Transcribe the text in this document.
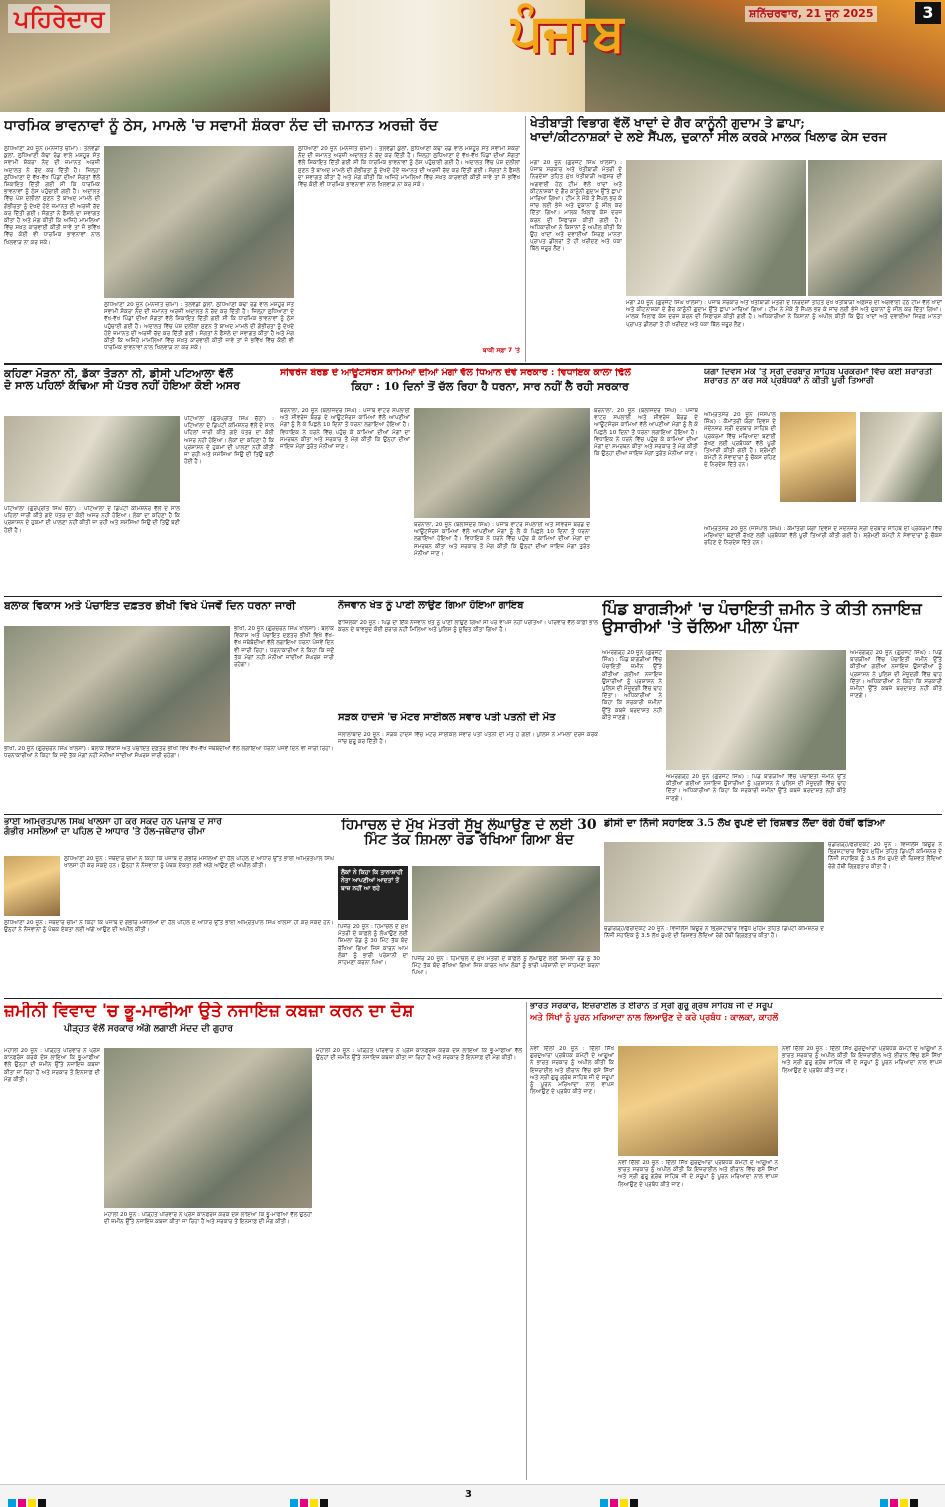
ਪਹਿਰੇਦਾਰ	ਪੰਜਾਬ	ਸ਼ਨਿੱਚਰਵਾਰ, 21 ਜੂਨ 2025	3
ਧਾਰਮਿਕ ਭਾਵਨਾਵਾਂ ਨੂੰ ਠੇਸ, ਮਾਮਲੇ 'ਚ ਸਵਾਮੀ ਸ਼ੰਕਰਾ ਨੰਦ ਦੀ ਜ਼ਮਾਨਤ ਅਰਜ਼ੀ ਰੱਦ
ਲੁਧਿਆਣਾ 20 ਜੂਨ (ਮਨਜੀਤ ਚੀਮਾ) : ਤਲਵੰਡੀ ਕੁਲਾਂ, ਲੁਧਿਆਣੀ ਕੰਢਾ ਰੋਡ ਵਾਲੇ ਮਸ਼ਹੂਰ ਸੰਤ ਸਵਾਮੀ ਸ਼ੰਕਰਾ ਨੰਦ ਦੀ ਜ਼ਮਾਨਤ ਅਰਜ਼ੀ ਅਦਾਲਤ ਨੇ ਰੱਦ ਕਰ ਦਿੱਤੀ ਹੈ। ਜ਼ਿਲ੍ਹਾ ਲੁਧਿਆਣਾ ਦੇ ਵੱਖ-ਵੱਖ ਪਿੰਡਾਂ ਦੀਆਂ ਸੰਗਤਾਂ ਵੱਲੋਂ ਸ਼ਿਕਾਇਤ ਦਿੱਤੀ ਗਈ ਸੀ ਕਿ ਧਾਰਮਿਕ ਭਾਵਨਾਵਾਂ ਨੂੰ ਠੇਸ ਪਹੁੰਚਾਈ ਗਈ ਹੈ। ਅਦਾਲਤ ਵਿੱਚ ਪੇਸ਼ ਦਲੀਲਾਂ ਸੁਣਨ ਤੋਂ ਬਾਅਦ ਮਾਮਲੇ ਦੀ ਗੰਭੀਰਤਾ ਨੂੰ ਦੇਖਦੇ ਹੋਏ ਜ਼ਮਾਨਤ ਦੀ ਅਰਜ਼ੀ ਰੱਦ ਕਰ ਦਿੱਤੀ ਗਈ। ਸੰਗਤਾਂ ਨੇ ਫੈਸਲੇ ਦਾ ਸਵਾਗਤ ਕੀਤਾ ਹੈ ਅਤੇ ਮੰਗ ਕੀਤੀ ਕਿ ਅਜਿਹੇ ਮਾਮਲਿਆਂ ਵਿੱਚ ਸਖ਼ਤ ਕਾਰਵਾਈ ਕੀਤੀ ਜਾਵੇ ਤਾਂ ਜੋ ਭਵਿੱਖ ਵਿੱਚ ਕੋਈ ਵੀ ਧਾਰਮਿਕ ਭਾਵਨਾਵਾਂ ਨਾਲ ਖਿਲਵਾੜ ਨਾ ਕਰ ਸਕੇ।
ਲੁਧਿਆਣਾ 20 ਜੂਨ (ਮਨਜੀਤ ਚੀਮਾ) : ਤਲਵੰਡੀ ਕੁਲਾਂ, ਲੁਧਿਆਣੀ ਕੰਢਾ ਰੋਡ ਵਾਲੇ ਮਸ਼ਹੂਰ ਸੰਤ ਸਵਾਮੀ ਸ਼ੰਕਰਾ ਨੰਦ ਦੀ ਜ਼ਮਾਨਤ ਅਰਜ਼ੀ ਅਦਾਲਤ ਨੇ ਰੱਦ ਕਰ ਦਿੱਤੀ ਹੈ। ਜ਼ਿਲ੍ਹਾ ਲੁਧਿਆਣਾ ਦੇ ਵੱਖ-ਵੱਖ ਪਿੰਡਾਂ ਦੀਆਂ ਸੰਗਤਾਂ ਵੱਲੋਂ ਸ਼ਿਕਾਇਤ ਦਿੱਤੀ ਗਈ ਸੀ ਕਿ ਧਾਰਮਿਕ ਭਾਵਨਾਵਾਂ ਨੂੰ ਠੇਸ ਪਹੁੰਚਾਈ ਗਈ ਹੈ। ਅਦਾਲਤ ਵਿੱਚ ਪੇਸ਼ ਦਲੀਲਾਂ ਸੁਣਨ ਤੋਂ ਬਾਅਦ ਮਾਮਲੇ ਦੀ ਗੰਭੀਰਤਾ ਨੂੰ ਦੇਖਦੇ ਹੋਏ ਜ਼ਮਾਨਤ ਦੀ ਅਰਜ਼ੀ ਰੱਦ ਕਰ ਦਿੱਤੀ ਗਈ। ਸੰਗਤਾਂ ਨੇ ਫੈਸਲੇ ਦਾ ਸਵਾਗਤ ਕੀਤਾ ਹੈ ਅਤੇ ਮੰਗ ਕੀਤੀ ਕਿ ਅਜਿਹੇ ਮਾਮਲਿਆਂ ਵਿੱਚ ਸਖ਼ਤ ਕਾਰਵਾਈ ਕੀਤੀ ਜਾਵੇ ਤਾਂ ਜੋ ਭਵਿੱਖ ਵਿੱਚ ਕੋਈ ਵੀ ਧਾਰਮਿਕ ਭਾਵਨਾਵਾਂ ਨਾਲ ਖਿਲਵਾੜ ਨਾ ਕਰ ਸਕੇ।
ਲੁਧਿਆਣਾ 20 ਜੂਨ (ਮਨਜੀਤ ਚੀਮਾ) : ਤਲਵੰਡੀ ਕੁਲਾਂ, ਲੁਧਿਆਣੀ ਕੰਢਾ ਰੋਡ ਵਾਲੇ ਮਸ਼ਹੂਰ ਸੰਤ ਸਵਾਮੀ ਸ਼ੰਕਰਾ ਨੰਦ ਦੀ ਜ਼ਮਾਨਤ ਅਰਜ਼ੀ ਅਦਾਲਤ ਨੇ ਰੱਦ ਕਰ ਦਿੱਤੀ ਹੈ। ਜ਼ਿਲ੍ਹਾ ਲੁਧਿਆਣਾ ਦੇ ਵੱਖ-ਵੱਖ ਪਿੰਡਾਂ ਦੀਆਂ ਸੰਗਤਾਂ ਵੱਲੋਂ ਸ਼ਿਕਾਇਤ ਦਿੱਤੀ ਗਈ ਸੀ ਕਿ ਧਾਰਮਿਕ ਭਾਵਨਾਵਾਂ ਨੂੰ ਠੇਸ ਪਹੁੰਚਾਈ ਗਈ ਹੈ। ਅਦਾਲਤ ਵਿੱਚ ਪੇਸ਼ ਦਲੀਲਾਂ ਸੁਣਨ ਤੋਂ ਬਾਅਦ ਮਾਮਲੇ ਦੀ ਗੰਭੀਰਤਾ ਨੂੰ ਦੇਖਦੇ ਹੋਏ ਜ਼ਮਾਨਤ ਦੀ ਅਰਜ਼ੀ ਰੱਦ ਕਰ ਦਿੱਤੀ ਗਈ। ਸੰਗਤਾਂ ਨੇ ਫੈਸਲੇ ਦਾ ਸਵਾਗਤ ਕੀਤਾ ਹੈ ਅਤੇ ਮੰਗ ਕੀਤੀ ਕਿ ਅਜਿਹੇ ਮਾਮਲਿਆਂ ਵਿੱਚ ਸਖ਼ਤ ਕਾਰਵਾਈ ਕੀਤੀ ਜਾਵੇ ਤਾਂ ਜੋ ਭਵਿੱਖ ਵਿੱਚ ਕੋਈ ਵੀ ਧਾਰਮਿਕ ਭਾਵਨਾਵਾਂ ਨਾਲ ਖਿਲਵਾੜ ਨਾ ਕਰ ਸਕੇ।
ਬਾਕੀ ਸਫ਼ਾ 7 'ਤੇ
ਖੇਤੀਬਾੜੀ ਵਿਭਾਗ ਵੱਲੋਂ ਖਾਦਾਂ ਦੇ ਗੈਰ ਕਾਨੂੰਨੀ ਗੁਦਾਮ ਤੇ ਛਾਪਾ;
ਖਾਦਾਂ/ਕੀਟਨਾਸ਼ਕਾਂ ਦੇ ਲਏ ਸੈਂਪਲ, ਦੁਕਾਨਾਂ ਸੀਲ ਕਰਕੇ ਮਾਲਕ ਖਿਲਾਫ ਕੇਸ ਦਰਜ
ਮੋਗਾ 20 ਜੂਨ (ਗੁਰਜੰਟ ਸਿੰਘ ਖਾਲਸਾ) : ਪੰਜਾਬ ਸਰਕਾਰ ਅਤੇ ਖੇਤੀਬਾੜੀ ਮੰਤਰੀ ਦੇ ਨਿਰਦੇਸ਼ਾਂ ਤਹਿਤ ਮੁੱਖ ਖੇਤੀਬਾੜੀ ਅਫ਼ਸਰ ਦੀ ਅਗਵਾਈ ਹੇਠ ਟੀਮ ਵੱਲੋਂ ਖਾਦਾਂ ਅਤੇ ਕੀਟਨਾਸ਼ਕਾਂ ਦੇ ਗੈਰ ਕਾਨੂੰਨੀ ਗੁਦਾਮ ਉੱਤੇ ਛਾਪਾ ਮਾਰਿਆ ਗਿਆ। ਟੀਮ ਨੇ ਮੌਕੇ ਤੋਂ ਸੈਂਪਲ ਭਰ ਕੇ ਜਾਂਚ ਲਈ ਭੇਜੇ ਅਤੇ ਦੁਕਾਨਾਂ ਨੂੰ ਸੀਲ ਕਰ ਦਿੱਤਾ ਗਿਆ। ਮਾਲਕ ਖਿਲਾਫ ਕੇਸ ਦਰਜ ਕਰਨ ਦੀ ਸਿਫਾਰਸ਼ ਕੀਤੀ ਗਈ ਹੈ। ਅਧਿਕਾਰੀਆਂ ਨੇ ਕਿਸਾਨਾਂ ਨੂੰ ਅਪੀਲ ਕੀਤੀ ਕਿ ਉਹ ਖਾਦਾਂ ਅਤੇ ਦਵਾਈਆਂ ਸਿਰਫ਼ ਮਾਨਤਾ ਪ੍ਰਾਪਤ ਡੀਲਰਾਂ ਤੋਂ ਹੀ ਖਰੀਦਣ ਅਤੇ ਪੱਕਾ ਬਿੱਲ ਜ਼ਰੂਰ ਲੈਣ।
ਮੋਗਾ 20 ਜੂਨ (ਗੁਰਜੰਟ ਸਿੰਘ ਖਾਲਸਾ) : ਪੰਜਾਬ ਸਰਕਾਰ ਅਤੇ ਖੇਤੀਬਾੜੀ ਮੰਤਰੀ ਦੇ ਨਿਰਦੇਸ਼ਾਂ ਤਹਿਤ ਮੁੱਖ ਖੇਤੀਬਾੜੀ ਅਫ਼ਸਰ ਦੀ ਅਗਵਾਈ ਹੇਠ ਟੀਮ ਵੱਲੋਂ ਖਾਦਾਂ ਅਤੇ ਕੀਟਨਾਸ਼ਕਾਂ ਦੇ ਗੈਰ ਕਾਨੂੰਨੀ ਗੁਦਾਮ ਉੱਤੇ ਛਾਪਾ ਮਾਰਿਆ ਗਿਆ। ਟੀਮ ਨੇ ਮੌਕੇ ਤੋਂ ਸੈਂਪਲ ਭਰ ਕੇ ਜਾਂਚ ਲਈ ਭੇਜੇ ਅਤੇ ਦੁਕਾਨਾਂ ਨੂੰ ਸੀਲ ਕਰ ਦਿੱਤਾ ਗਿਆ। ਮਾਲਕ ਖਿਲਾਫ ਕੇਸ ਦਰਜ ਕਰਨ ਦੀ ਸਿਫਾਰਸ਼ ਕੀਤੀ ਗਈ ਹੈ। ਅਧਿਕਾਰੀਆਂ ਨੇ ਕਿਸਾਨਾਂ ਨੂੰ ਅਪੀਲ ਕੀਤੀ ਕਿ ਉਹ ਖਾਦਾਂ ਅਤੇ ਦਵਾਈਆਂ ਸਿਰਫ਼ ਮਾਨਤਾ ਪ੍ਰਾਪਤ ਡੀਲਰਾਂ ਤੋਂ ਹੀ ਖਰੀਦਣ ਅਤੇ ਪੱਕਾ ਬਿੱਲ ਜ਼ਰੂਰ ਲੈਣ।
ਕਹਿਣਾ ਮੋੜਨਾ ਨੀ, ਡੱਕਾ ਤੋੜਨਾ ਨੀ, ਡੀਸੀ ਪਟਿਆਲਾ ਵੱਲੋਂ
ਦੋ ਸਾਲ ਪਹਿਲਾਂ ਕੱਢਿਆ ਸੀ ਪੱਤਰ ਨਹੀਂ ਹੋਇਆ ਕੋਈ ਅਸਰ
ਪਟਿਆਲਾ (ਗੁਰਪ੍ਰੀਤ ਸਿੰਘ ਚੱਠਾ) : ਪਟਿਆਲਾ ਦੇ ਡਿਪਟੀ ਕਮਿਸ਼ਨਰ ਵੱਲੋਂ ਦੋ ਸਾਲ ਪਹਿਲਾਂ ਜਾਰੀ ਕੀਤੇ ਗਏ ਪੱਤਰ ਦਾ ਕੋਈ ਅਸਰ ਨਹੀਂ ਹੋਇਆ। ਲੋਕਾਂ ਦਾ ਕਹਿਣਾ ਹੈ ਕਿ ਪ੍ਰਸ਼ਾਸਨ ਦੇ ਹੁਕਮਾਂ ਦੀ ਪਾਲਣਾ ਨਹੀਂ ਕੀਤੀ ਜਾ ਰਹੀ ਅਤੇ ਸਮੱਸਿਆ ਜਿਉਂ ਦੀ ਤਿਉਂ ਬਣੀ ਹੋਈ ਹੈ।
ਪਟਿਆਲਾ (ਗੁਰਪ੍ਰੀਤ ਸਿੰਘ ਚੱਠਾ) : ਪਟਿਆਲਾ ਦੇ ਡਿਪਟੀ ਕਮਿਸ਼ਨਰ ਵੱਲੋਂ ਦੋ ਸਾਲ ਪਹਿਲਾਂ ਜਾਰੀ ਕੀਤੇ ਗਏ ਪੱਤਰ ਦਾ ਕੋਈ ਅਸਰ ਨਹੀਂ ਹੋਇਆ। ਲੋਕਾਂ ਦਾ ਕਹਿਣਾ ਹੈ ਕਿ ਪ੍ਰਸ਼ਾਸਨ ਦੇ ਹੁਕਮਾਂ ਦੀ ਪਾਲਣਾ ਨਹੀਂ ਕੀਤੀ ਜਾ ਰਹੀ ਅਤੇ ਸਮੱਸਿਆ ਜਿਉਂ ਦੀ ਤਿਉਂ ਬਣੀ ਹੋਈ ਹੈ।
ਸੀਵਰੇਜ ਬੋਰਡ ਦੇ ਆਊਟਸੋਰਸ ਕਾਮਿਆਂ ਦੀਆਂ ਮੰਗਾਂ ਵੱਲ ਧਿਆਨ ਦੇਵੇ ਸਰਕਾਰ : ਵਿਧਾਇਕ ਕਾਲਾ ਢਿੱਲੋਂ
ਕਿਹਾ : 10 ਦਿਨਾਂ ਤੋਂ ਚੱਲ ਰਿਹਾ ਹੈ ਧਰਨਾ, ਸਾਰ ਨਹੀਂ ਲੈ ਰਹੀ ਸਰਕਾਰ
ਬਰਨਾਲਾ, 20 ਜੂਨ (ਬਲਜਿੰਦਰ ਸਿੰਘ) : ਪੰਜਾਬ ਵਾਟਰ ਸਪਲਾਈ ਅਤੇ ਸੀਵਰੇਜ ਬੋਰਡ ਦੇ ਆਊਟਸੋਰਸ ਕਾਮਿਆਂ ਵੱਲੋਂ ਆਪਣੀਆਂ ਮੰਗਾਂ ਨੂੰ ਲੈ ਕੇ ਪਿਛਲੇ 10 ਦਿਨਾਂ ਤੋਂ ਧਰਨਾ ਲਗਾਇਆ ਹੋਇਆ ਹੈ। ਵਿਧਾਇਕ ਨੇ ਧਰਨੇ ਵਿੱਚ ਪਹੁੰਚ ਕੇ ਕਾਮਿਆਂ ਦੀਆਂ ਮੰਗਾਂ ਦਾ ਸਮਰਥਨ ਕੀਤਾ ਅਤੇ ਸਰਕਾਰ ਤੋਂ ਮੰਗ ਕੀਤੀ ਕਿ ਉਨ੍ਹਾਂ ਦੀਆਂ ਜਾਇਜ਼ ਮੰਗਾਂ ਤੁਰੰਤ ਮੰਨੀਆਂ ਜਾਣ।
ਬਰਨਾਲਾ, 20 ਜੂਨ (ਬਲਜਿੰਦਰ ਸਿੰਘ) : ਪੰਜਾਬ ਵਾਟਰ ਸਪਲਾਈ ਅਤੇ ਸੀਵਰੇਜ ਬੋਰਡ ਦੇ ਆਊਟਸੋਰਸ ਕਾਮਿਆਂ ਵੱਲੋਂ ਆਪਣੀਆਂ ਮੰਗਾਂ ਨੂੰ ਲੈ ਕੇ ਪਿਛਲੇ 10 ਦਿਨਾਂ ਤੋਂ ਧਰਨਾ ਲਗਾਇਆ ਹੋਇਆ ਹੈ। ਵਿਧਾਇਕ ਨੇ ਧਰਨੇ ਵਿੱਚ ਪਹੁੰਚ ਕੇ ਕਾਮਿਆਂ ਦੀਆਂ ਮੰਗਾਂ ਦਾ ਸਮਰਥਨ ਕੀਤਾ ਅਤੇ ਸਰਕਾਰ ਤੋਂ ਮੰਗ ਕੀਤੀ ਕਿ ਉਨ੍ਹਾਂ ਦੀਆਂ ਜਾਇਜ਼ ਮੰਗਾਂ ਤੁਰੰਤ ਮੰਨੀਆਂ ਜਾਣ।
ਬਰਨਾਲਾ, 20 ਜੂਨ (ਬਲਜਿੰਦਰ ਸਿੰਘ) : ਪੰਜਾਬ ਵਾਟਰ ਸਪਲਾਈ ਅਤੇ ਸੀਵਰੇਜ ਬੋਰਡ ਦੇ ਆਊਟਸੋਰਸ ਕਾਮਿਆਂ ਵੱਲੋਂ ਆਪਣੀਆਂ ਮੰਗਾਂ ਨੂੰ ਲੈ ਕੇ ਪਿਛਲੇ 10 ਦਿਨਾਂ ਤੋਂ ਧਰਨਾ ਲਗਾਇਆ ਹੋਇਆ ਹੈ। ਵਿਧਾਇਕ ਨੇ ਧਰਨੇ ਵਿੱਚ ਪਹੁੰਚ ਕੇ ਕਾਮਿਆਂ ਦੀਆਂ ਮੰਗਾਂ ਦਾ ਸਮਰਥਨ ਕੀਤਾ ਅਤੇ ਸਰਕਾਰ ਤੋਂ ਮੰਗ ਕੀਤੀ ਕਿ ਉਨ੍ਹਾਂ ਦੀਆਂ ਜਾਇਜ਼ ਮੰਗਾਂ ਤੁਰੰਤ ਮੰਨੀਆਂ ਜਾਣ।
ਯੋਗਾ ਦਿਵਸ ਮੌਕੇ 'ਤੇ ਸ੍ਰੀ ਦਰਬਾਰ ਸਾਹਿਬ ਪ੍ਰਕਰਮਾਂ ਵਿੱਚ ਕੋਈ ਸ਼ਰਾਰਤੀ ਸ਼ਰਾਰਤ ਨਾ ਕਰ ਸਕੇ ਪ੍ਰਬੰਧਕਾਂ ਨੇ ਕੀਤੀ ਪੂਰੀ ਤਿਆਰੀ
ਅੰਮ੍ਰਿਤਸਰ 20 ਜੂਨ (ਜਸਪਾਲ ਸਿੰਘ) : ਕੌਮਾਂਤਰੀ ਯੋਗਾ ਦਿਵਸ ਦੇ ਮੱਦੇਨਜ਼ਰ ਸ੍ਰੀ ਦਰਬਾਰ ਸਾਹਿਬ ਦੀ ਪ੍ਰਕਰਮਾਂ ਵਿੱਚ ਮਰਿਆਦਾ ਬਣਾਈ ਰੱਖਣ ਲਈ ਪ੍ਰਬੰਧਕਾਂ ਵੱਲੋਂ ਪੂਰੀ ਤਿਆਰੀ ਕੀਤੀ ਗਈ ਹੈ। ਸ਼੍ਰੋਮਣੀ ਕਮੇਟੀ ਨੇ ਸੇਵਾਦਾਰਾਂ ਨੂੰ ਚੌਕਸ ਰਹਿਣ ਦੇ ਨਿਰਦੇਸ਼ ਦਿੱਤੇ ਹਨ।
ਅੰਮ੍ਰਿਤਸਰ 20 ਜੂਨ (ਜਸਪਾਲ ਸਿੰਘ) : ਕੌਮਾਂਤਰੀ ਯੋਗਾ ਦਿਵਸ ਦੇ ਮੱਦੇਨਜ਼ਰ ਸ੍ਰੀ ਦਰਬਾਰ ਸਾਹਿਬ ਦੀ ਪ੍ਰਕਰਮਾਂ ਵਿੱਚ ਮਰਿਆਦਾ ਬਣਾਈ ਰੱਖਣ ਲਈ ਪ੍ਰਬੰਧਕਾਂ ਵੱਲੋਂ ਪੂਰੀ ਤਿਆਰੀ ਕੀਤੀ ਗਈ ਹੈ। ਸ਼੍ਰੋਮਣੀ ਕਮੇਟੀ ਨੇ ਸੇਵਾਦਾਰਾਂ ਨੂੰ ਚੌਕਸ ਰਹਿਣ ਦੇ ਨਿਰਦੇਸ਼ ਦਿੱਤੇ ਹਨ।
ਬਲਾਕ ਵਿਕਾਸ ਅਤੇ ਪੰਚਾਇਤ ਦਫ਼ਤਰ ਭੀਖੀ ਵਿਖੇ ਪੰਜਵੇਂ ਦਿਨ ਧਰਨਾ ਜਾਰੀ
ਭੀਖੀ, 20 ਜੂਨ (ਗੁਰਚਰਨ ਸਿੰਘ ਖਾਲਸਾ) : ਬਲਾਕ ਵਿਕਾਸ ਅਤੇ ਪੰਚਾਇਤ ਦਫ਼ਤਰ ਭੀਖੀ ਵਿਖੇ ਵੱਖ-ਵੱਖ ਜਥੇਬੰਦੀਆਂ ਵੱਲੋਂ ਲਗਾਇਆ ਧਰਨਾ ਪੰਜਵੇਂ ਦਿਨ ਵੀ ਜਾਰੀ ਰਿਹਾ। ਧਰਨਾਕਾਰੀਆਂ ਨੇ ਕਿਹਾ ਕਿ ਜਦੋਂ ਤੱਕ ਮੰਗਾਂ ਨਹੀਂ ਮੰਨੀਆਂ ਜਾਂਦੀਆਂ ਸੰਘਰਸ਼ ਜਾਰੀ ਰਹੇਗਾ।
ਭੀਖੀ, 20 ਜੂਨ (ਗੁਰਚਰਨ ਸਿੰਘ ਖਾਲਸਾ) : ਬਲਾਕ ਵਿਕਾਸ ਅਤੇ ਪੰਚਾਇਤ ਦਫ਼ਤਰ ਭੀਖੀ ਵਿਖੇ ਵੱਖ-ਵੱਖ ਜਥੇਬੰਦੀਆਂ ਵੱਲੋਂ ਲਗਾਇਆ ਧਰਨਾ ਪੰਜਵੇਂ ਦਿਨ ਵੀ ਜਾਰੀ ਰਿਹਾ। ਧਰਨਾਕਾਰੀਆਂ ਨੇ ਕਿਹਾ ਕਿ ਜਦੋਂ ਤੱਕ ਮੰਗਾਂ ਨਹੀਂ ਮੰਨੀਆਂ ਜਾਂਦੀਆਂ ਸੰਘਰਸ਼ ਜਾਰੀ ਰਹੇਗਾ।
ਨੌਜਵਾਨ ਖੇਤ ਨੂੰ ਪਾਣੀ ਲਾਉਣ ਗਿਆ ਹੋਇਆ ਗਾਇਬ
ਫਾਜ਼ਿਲਕਾ 20 ਜੂਨ : ਪਿੰਡ ਦਾ ਇੱਕ ਨੌਜਵਾਨ ਖੇਤ ਨੂੰ ਪਾਣੀ ਲਾਉਣ ਗਿਆ ਸੀ ਪਰ ਵਾਪਸ ਨਹੀਂ ਪਰਤਿਆ। ਪਰਿਵਾਰ ਵੱਲੋਂ ਕਾਫ਼ੀ ਭਾਲ ਕਰਨ ਦੇ ਬਾਵਜੂਦ ਕੋਈ ਸੁਰਾਗ ਨਹੀਂ ਮਿਲਿਆ ਅਤੇ ਪੁਲਿਸ ਨੂੰ ਸੂਚਿਤ ਕੀਤਾ ਗਿਆ ਹੈ।
ਸੜਕ ਹਾਦਸੇ 'ਚ ਮੋਟਰ ਸਾਈਕਲ ਸਵਾਰ ਪਤੀ ਪਤਨੀ ਦੀ ਮੌਤ
ਜਲਾਲਾਬਾਦ 20 ਜੂਨ : ਸੜਕ ਹਾਦਸੇ ਵਿੱਚ ਮੋਟਰ ਸਾਈਕਲ ਸਵਾਰ ਪਤੀ ਪਤਨੀ ਦੀ ਮੌਤ ਹੋ ਗਈ। ਪੁਲਿਸ ਨੇ ਮਾਮਲਾ ਦਰਜ ਕਰਕੇ ਜਾਂਚ ਸ਼ੁਰੂ ਕਰ ਦਿੱਤੀ ਹੈ।
ਪਿੰਡ ਬਾਗੜੀਆਂ 'ਚ ਪੰਚਾਇਤੀ ਜ਼ਮੀਨ ਤੇ ਕੀਤੀ ਨਜਾਇਜ਼ ਉਸਾਰੀਆਂ 'ਤੇ ਚੱਲਿਆ ਪੀਲਾ ਪੰਜਾ
ਅਮਰਗੜ੍ਹ 20 ਜੂਨ (ਗੁਰਜੰਟ ਸਿੰਘ) : ਪਿੰਡ ਬਾਗੜੀਆਂ ਵਿੱਚ ਪੰਚਾਇਤੀ ਜ਼ਮੀਨ ਉੱਤੇ ਕੀਤੀਆਂ ਗਈਆਂ ਨਜਾਇਜ਼ ਉਸਾਰੀਆਂ ਨੂੰ ਪ੍ਰਸ਼ਾਸਨ ਨੇ ਪੁਲਿਸ ਦੀ ਮੌਜੂਦਗੀ ਵਿੱਚ ਢਾਹ ਦਿੱਤਾ। ਅਧਿਕਾਰੀਆਂ ਨੇ ਕਿਹਾ ਕਿ ਸਰਕਾਰੀ ਜ਼ਮੀਨਾਂ ਉੱਤੇ ਕਬਜ਼ੇ ਬਰਦਾਸ਼ਤ ਨਹੀਂ ਕੀਤੇ ਜਾਣਗੇ।
ਅਮਰਗੜ੍ਹ 20 ਜੂਨ (ਗੁਰਜੰਟ ਸਿੰਘ) : ਪਿੰਡ ਬਾਗੜੀਆਂ ਵਿੱਚ ਪੰਚਾਇਤੀ ਜ਼ਮੀਨ ਉੱਤੇ ਕੀਤੀਆਂ ਗਈਆਂ ਨਜਾਇਜ਼ ਉਸਾਰੀਆਂ ਨੂੰ ਪ੍ਰਸ਼ਾਸਨ ਨੇ ਪੁਲਿਸ ਦੀ ਮੌਜੂਦਗੀ ਵਿੱਚ ਢਾਹ ਦਿੱਤਾ। ਅਧਿਕਾਰੀਆਂ ਨੇ ਕਿਹਾ ਕਿ ਸਰਕਾਰੀ ਜ਼ਮੀਨਾਂ ਉੱਤੇ ਕਬਜ਼ੇ ਬਰਦਾਸ਼ਤ ਨਹੀਂ ਕੀਤੇ ਜਾਣਗੇ।
ਅਮਰਗੜ੍ਹ 20 ਜੂਨ (ਗੁਰਜੰਟ ਸਿੰਘ) : ਪਿੰਡ ਬਾਗੜੀਆਂ ਵਿੱਚ ਪੰਚਾਇਤੀ ਜ਼ਮੀਨ ਉੱਤੇ ਕੀਤੀਆਂ ਗਈਆਂ ਨਜਾਇਜ਼ ਉਸਾਰੀਆਂ ਨੂੰ ਪ੍ਰਸ਼ਾਸਨ ਨੇ ਪੁਲਿਸ ਦੀ ਮੌਜੂਦਗੀ ਵਿੱਚ ਢਾਹ ਦਿੱਤਾ। ਅਧਿਕਾਰੀਆਂ ਨੇ ਕਿਹਾ ਕਿ ਸਰਕਾਰੀ ਜ਼ਮੀਨਾਂ ਉੱਤੇ ਕਬਜ਼ੇ ਬਰਦਾਸ਼ਤ ਨਹੀਂ ਕੀਤੇ ਜਾਣਗੇ।
ਭਾਈ ਅੰਮ੍ਰਿਤਪਾਲ ਸਿੰਘ ਖਾਲਸਾ ਹੀ ਕਰ ਸਕਦੇ ਹਨ ਪੰਜਾਬ ਦੇ ਸਾਰੇ
ਗੰਭੀਰ ਮਸਲਿਆਂ ਦਾ ਪਹਿਲ ਦੇ ਆਧਾਰ 'ਤੇ ਹੱਲ-ਜਥੇਦਾਰ ਚੀਮਾ
ਲੁਧਿਆਣਾ 20 ਜੂਨ : ਜਥੇਦਾਰ ਚੀਮਾ ਨੇ ਕਿਹਾ ਕਿ ਪੰਜਾਬ ਦੇ ਗੰਭੀਰ ਮਸਲਿਆਂ ਦਾ ਹੱਲ ਪਹਿਲ ਦੇ ਆਧਾਰ ਉੱਤੇ ਭਾਈ ਅੰਮ੍ਰਿਤਪਾਲ ਸਿੰਘ ਖਾਲਸਾ ਹੀ ਕਰ ਸਕਦੇ ਹਨ। ਉਨ੍ਹਾਂ ਨੇ ਨੌਜਵਾਨਾਂ ਨੂੰ ਪੰਥਕ ਏਕਤਾ ਲਈ ਅੱਗੇ ਆਉਣ ਦੀ ਅਪੀਲ ਕੀਤੀ।
ਲੁਧਿਆਣਾ 20 ਜੂਨ : ਜਥੇਦਾਰ ਚੀਮਾ ਨੇ ਕਿਹਾ ਕਿ ਪੰਜਾਬ ਦੇ ਗੰਭੀਰ ਮਸਲਿਆਂ ਦਾ ਹੱਲ ਪਹਿਲ ਦੇ ਆਧਾਰ ਉੱਤੇ ਭਾਈ ਅੰਮ੍ਰਿਤਪਾਲ ਸਿੰਘ ਖਾਲਸਾ ਹੀ ਕਰ ਸਕਦੇ ਹਨ। ਉਨ੍ਹਾਂ ਨੇ ਨੌਜਵਾਨਾਂ ਨੂੰ ਪੰਥਕ ਏਕਤਾ ਲਈ ਅੱਗੇ ਆਉਣ ਦੀ ਅਪੀਲ ਕੀਤੀ।
ਹਿਮਾਚਲ ਦੇ ਮੁੱਖ ਮੰਤਰੀ ਸੁੱਖੂ ਲੰਘਾਉਣ ਦੇ ਲਈ 30 ਮਿੰਟ ਤੱਕ ਸ਼ਿਮਲਾ ਰੋਡ ਰੱਖਿਆ ਗਿਆ ਬੰਦ
ਲੋਕਾਂ ਨੇ ਕਿਹਾ ਕਿ ਤਾਨਾਸ਼ਾਹੀ ਨੇਤਾ ਆਪਣੀਆਂ ਆਦਤਾਂ ਤੋਂ ਬਾਜ਼ ਨਹੀਂ ਆ ਰਹੇ
ਪਿੰਜੌਰ 20 ਜੂਨ : ਹਿਮਾਚਲ ਦੇ ਮੁੱਖ ਮੰਤਰੀ ਦੇ ਕਾਫ਼ਲੇ ਨੂੰ ਲੰਘਾਉਣ ਲਈ ਸ਼ਿਮਲਾ ਰੋਡ ਨੂੰ 30 ਮਿੰਟ ਤੱਕ ਬੰਦ ਰੱਖਿਆ ਗਿਆ ਜਿਸ ਕਾਰਨ ਆਮ ਲੋਕਾਂ ਨੂੰ ਭਾਰੀ ਪਰੇਸ਼ਾਨੀ ਦਾ ਸਾਹਮਣਾ ਕਰਨਾ ਪਿਆ।
ਪਿੰਜੌਰ 20 ਜੂਨ : ਹਿਮਾਚਲ ਦੇ ਮੁੱਖ ਮੰਤਰੀ ਦੇ ਕਾਫ਼ਲੇ ਨੂੰ ਲੰਘਾਉਣ ਲਈ ਸ਼ਿਮਲਾ ਰੋਡ ਨੂੰ 30 ਮਿੰਟ ਤੱਕ ਬੰਦ ਰੱਖਿਆ ਗਿਆ ਜਿਸ ਕਾਰਨ ਆਮ ਲੋਕਾਂ ਨੂੰ ਭਾਰੀ ਪਰੇਸ਼ਾਨੀ ਦਾ ਸਾਹਮਣਾ ਕਰਨਾ ਪਿਆ।
ਡੀਸੀ ਦਾ ਨਿੱਜੀ ਸਹਾਇਕ 3.5 ਲੱਖ ਰੁਪਏ ਦੀ ਰਿਸ਼ਵਤ ਲੈਂਦਾ ਰੰਗੇ ਹੱਥੀਂ ਫੜਿਆ
ਚੰਡੀਗੜ੍ਹ/ਫਰੀਦਕੋਟ 20 ਜੂਨ : ਵਿਜੀਲੈਂਸ ਬਿਊਰੋ ਨੇ ਭ੍ਰਿਸ਼ਟਾਚਾਰ ਵਿਰੁੱਧ ਮੁਹਿੰਮ ਤਹਿਤ ਡਿਪਟੀ ਕਮਿਸ਼ਨਰ ਦੇ ਨਿੱਜੀ ਸਹਾਇਕ ਨੂੰ 3.5 ਲੱਖ ਰੁਪਏ ਦੀ ਰਿਸ਼ਵਤ ਲੈਂਦਿਆਂ ਰੰਗੇ ਹੱਥੀਂ ਗ੍ਰਿਫ਼ਤਾਰ ਕੀਤਾ ਹੈ।
ਚੰਡੀਗੜ੍ਹ/ਫਰੀਦਕੋਟ 20 ਜੂਨ : ਵਿਜੀਲੈਂਸ ਬਿਊਰੋ ਨੇ ਭ੍ਰਿਸ਼ਟਾਚਾਰ ਵਿਰੁੱਧ ਮੁਹਿੰਮ ਤਹਿਤ ਡਿਪਟੀ ਕਮਿਸ਼ਨਰ ਦੇ ਨਿੱਜੀ ਸਹਾਇਕ ਨੂੰ 3.5 ਲੱਖ ਰੁਪਏ ਦੀ ਰਿਸ਼ਵਤ ਲੈਂਦਿਆਂ ਰੰਗੇ ਹੱਥੀਂ ਗ੍ਰਿਫ਼ਤਾਰ ਕੀਤਾ ਹੈ।
ਜ਼ਮੀਨੀ ਵਿਵਾਦ 'ਚ ਭੂ-ਮਾਫੀਆ ਉਤੇ ਨਜਾਇਜ਼ ਕਬਜ਼ਾ ਕਰਨ ਦਾ ਦੋਸ਼
ਪੀੜ੍ਹਤ ਵੱਲੋਂ ਸਰਕਾਰ ਅੱਗੇ ਲਗਾਈ ਮੱਦਦ ਦੀ ਗੁਹਾਰ
ਮੋਹਾਲੀ 20 ਜੂਨ : ਪੀੜ੍ਹਤ ਪਰਿਵਾਰ ਨੇ ਪ੍ਰੈਸ ਕਾਨਫਰੰਸ ਕਰਕੇ ਦੋਸ਼ ਲਾਇਆ ਕਿ ਭੂ-ਮਾਫੀਆ ਵੱਲੋਂ ਉਨ੍ਹਾਂ ਦੀ ਜ਼ਮੀਨ ਉੱਤੇ ਨਜਾਇਜ਼ ਕਬਜ਼ਾ ਕੀਤਾ ਜਾ ਰਿਹਾ ਹੈ ਅਤੇ ਸਰਕਾਰ ਤੋਂ ਇਨਸਾਫ਼ ਦੀ ਮੰਗ ਕੀਤੀ।
ਮੋਹਾਲੀ 20 ਜੂਨ : ਪੀੜ੍ਹਤ ਪਰਿਵਾਰ ਨੇ ਪ੍ਰੈਸ ਕਾਨਫਰੰਸ ਕਰਕੇ ਦੋਸ਼ ਲਾਇਆ ਕਿ ਭੂ-ਮਾਫੀਆ ਵੱਲੋਂ ਉਨ੍ਹਾਂ ਦੀ ਜ਼ਮੀਨ ਉੱਤੇ ਨਜਾਇਜ਼ ਕਬਜ਼ਾ ਕੀਤਾ ਜਾ ਰਿਹਾ ਹੈ ਅਤੇ ਸਰਕਾਰ ਤੋਂ ਇਨਸਾਫ਼ ਦੀ ਮੰਗ ਕੀਤੀ।
ਮੋਹਾਲੀ 20 ਜੂਨ : ਪੀੜ੍ਹਤ ਪਰਿਵਾਰ ਨੇ ਪ੍ਰੈਸ ਕਾਨਫਰੰਸ ਕਰਕੇ ਦੋਸ਼ ਲਾਇਆ ਕਿ ਭੂ-ਮਾਫੀਆ ਵੱਲੋਂ ਉਨ੍ਹਾਂ ਦੀ ਜ਼ਮੀਨ ਉੱਤੇ ਨਜਾਇਜ਼ ਕਬਜ਼ਾ ਕੀਤਾ ਜਾ ਰਿਹਾ ਹੈ ਅਤੇ ਸਰਕਾਰ ਤੋਂ ਇਨਸਾਫ਼ ਦੀ ਮੰਗ ਕੀਤੀ।
ਭਾਰਤ ਸਰਕਾਰ, ਇਜ਼ਰਾਈਲ ਤੇ ਈਰਾਨ ਤੋਂ ਸ੍ਰੀ ਗੁਰੂ ਗ੍ਰੰਥ ਸਾਹਿਬ ਜੀ ਦੇ ਸਰੂਪ
ਅਤੇ ਸਿੱਖਾਂ ਨੂੰ ਪੂਰਨ ਮਰਿਆਦਾ ਨਾਲ ਲਿਆਉਣ ਦੇ ਕਰੇ ਪ੍ਰਬੰਧ : ਕਾਲਕਾ, ਕਾਹਲੋਂ
ਨਵੀਂ ਦਿੱਲੀ 20 ਜੂਨ : ਦਿੱਲੀ ਸਿੱਖ ਗੁਰਦੁਆਰਾ ਪ੍ਰਬੰਧਕ ਕਮੇਟੀ ਦੇ ਆਗੂਆਂ ਨੇ ਭਾਰਤ ਸਰਕਾਰ ਨੂੰ ਅਪੀਲ ਕੀਤੀ ਕਿ ਇਜ਼ਰਾਈਲ ਅਤੇ ਈਰਾਨ ਵਿੱਚ ਫਸੇ ਸਿੱਖਾਂ ਅਤੇ ਸ੍ਰੀ ਗੁਰੂ ਗ੍ਰੰਥ ਸਾਹਿਬ ਜੀ ਦੇ ਸਰੂਪਾਂ ਨੂੰ ਪੂਰਨ ਮਰਿਆਦਾ ਨਾਲ ਵਾਪਸ ਲਿਆਉਣ ਦੇ ਪ੍ਰਬੰਧ ਕੀਤੇ ਜਾਣ।
ਨਵੀਂ ਦਿੱਲੀ 20 ਜੂਨ : ਦਿੱਲੀ ਸਿੱਖ ਗੁਰਦੁਆਰਾ ਪ੍ਰਬੰਧਕ ਕਮੇਟੀ ਦੇ ਆਗੂਆਂ ਨੇ ਭਾਰਤ ਸਰਕਾਰ ਨੂੰ ਅਪੀਲ ਕੀਤੀ ਕਿ ਇਜ਼ਰਾਈਲ ਅਤੇ ਈਰਾਨ ਵਿੱਚ ਫਸੇ ਸਿੱਖਾਂ ਅਤੇ ਸ੍ਰੀ ਗੁਰੂ ਗ੍ਰੰਥ ਸਾਹਿਬ ਜੀ ਦੇ ਸਰੂਪਾਂ ਨੂੰ ਪੂਰਨ ਮਰਿਆਦਾ ਨਾਲ ਵਾਪਸ ਲਿਆਉਣ ਦੇ ਪ੍ਰਬੰਧ ਕੀਤੇ ਜਾਣ।
ਨਵੀਂ ਦਿੱਲੀ 20 ਜੂਨ : ਦਿੱਲੀ ਸਿੱਖ ਗੁਰਦੁਆਰਾ ਪ੍ਰਬੰਧਕ ਕਮੇਟੀ ਦੇ ਆਗੂਆਂ ਨੇ ਭਾਰਤ ਸਰਕਾਰ ਨੂੰ ਅਪੀਲ ਕੀਤੀ ਕਿ ਇਜ਼ਰਾਈਲ ਅਤੇ ਈਰਾਨ ਵਿੱਚ ਫਸੇ ਸਿੱਖਾਂ ਅਤੇ ਸ੍ਰੀ ਗੁਰੂ ਗ੍ਰੰਥ ਸਾਹਿਬ ਜੀ ਦੇ ਸਰੂਪਾਂ ਨੂੰ ਪੂਰਨ ਮਰਿਆਦਾ ਨਾਲ ਵਾਪਸ ਲਿਆਉਣ ਦੇ ਪ੍ਰਬੰਧ ਕੀਤੇ ਜਾਣ।
3
